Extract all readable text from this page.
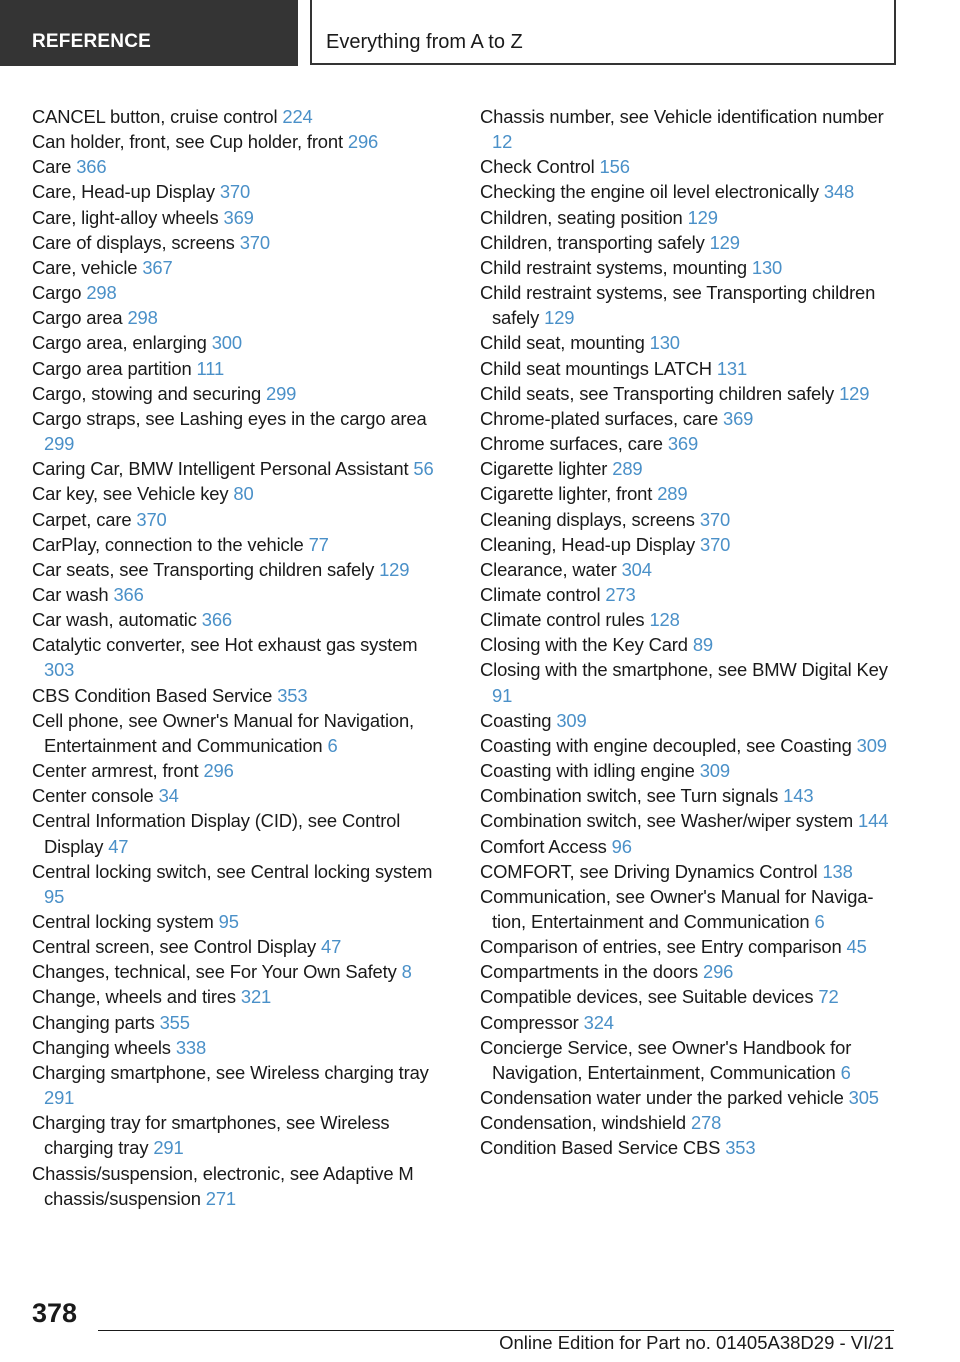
REFERENCE	Everything from A to Z
CANCEL button, cruise control 224
Can holder, front, see Cup holder, front 296
Care 366
Care, Head-up Display 370
Care, light-alloy wheels 369
Care of displays, screens 370
Care, vehicle 367
Cargo 298
Cargo area 298
Cargo area, enlarging 300
Cargo area partition 111
Cargo, stowing and securing 299
Cargo straps, see Lashing eyes in the cargo area 299
Caring Car, BMW Intelligent Personal Assistant 56
Car key, see Vehicle key 80
Carpet, care 370
CarPlay, connection to the vehicle 77
Car seats, see Transporting children safely 129
Car wash 366
Car wash, automatic 366
Catalytic converter, see Hot exhaust gas system 303
CBS Condition Based Service 353
Cell phone, see Owner's Manual for Navigation, Entertainment and Communication 6
Center armrest, front 296
Center console 34
Central Information Display (CID), see Control Display 47
Central locking switch, see Central locking system 95
Central locking system 95
Central screen, see Control Display 47
Changes, technical, see For Your Own Safety 8
Change, wheels and tires 321
Changing parts 355
Changing wheels 338
Charging smartphone, see Wireless charging tray 291
Charging tray for smartphones, see Wireless charging tray 291
Chassis/suspension, electronic, see Adaptive M chassis/suspension 271
Chassis number, see Vehicle identification number 12
Check Control 156
Checking the engine oil level electronically 348
Children, seating position 129
Children, transporting safely 129
Child restraint systems, mounting 130
Child restraint systems, see Transporting children safely 129
Child seat, mounting 130
Child seat mountings LATCH 131
Child seats, see Transporting children safely 129
Chrome-plated surfaces, care 369
Chrome surfaces, care 369
Cigarette lighter 289
Cigarette lighter, front 289
Cleaning displays, screens 370
Cleaning, Head-up Display 370
Clearance, water 304
Climate control 273
Climate control rules 128
Closing with the Key Card 89
Closing with the smartphone, see BMW Digital Key 91
Coasting 309
Coasting with engine decoupled, see Coasting 309
Coasting with idling engine 309
Combination switch, see Turn signals 143
Combination switch, see Washer/wiper system 144
Comfort Access 96
COMFORT, see Driving Dynamics Control 138
Communication, see Owner's Manual for Navigation, Entertainment and Communication 6
Comparison of entries, see Entry comparison 45
Compartments in the doors 296
Compatible devices, see Suitable devices 72
Compressor 324
Concierge Service, see Owner's Handbook for Navigation, Entertainment, Communication 6
Condensation water under the parked vehicle 305
Condensation, windshield 278
Condition Based Service CBS 353
378
Online Edition for Part no. 01405A38D29 - VI/21
